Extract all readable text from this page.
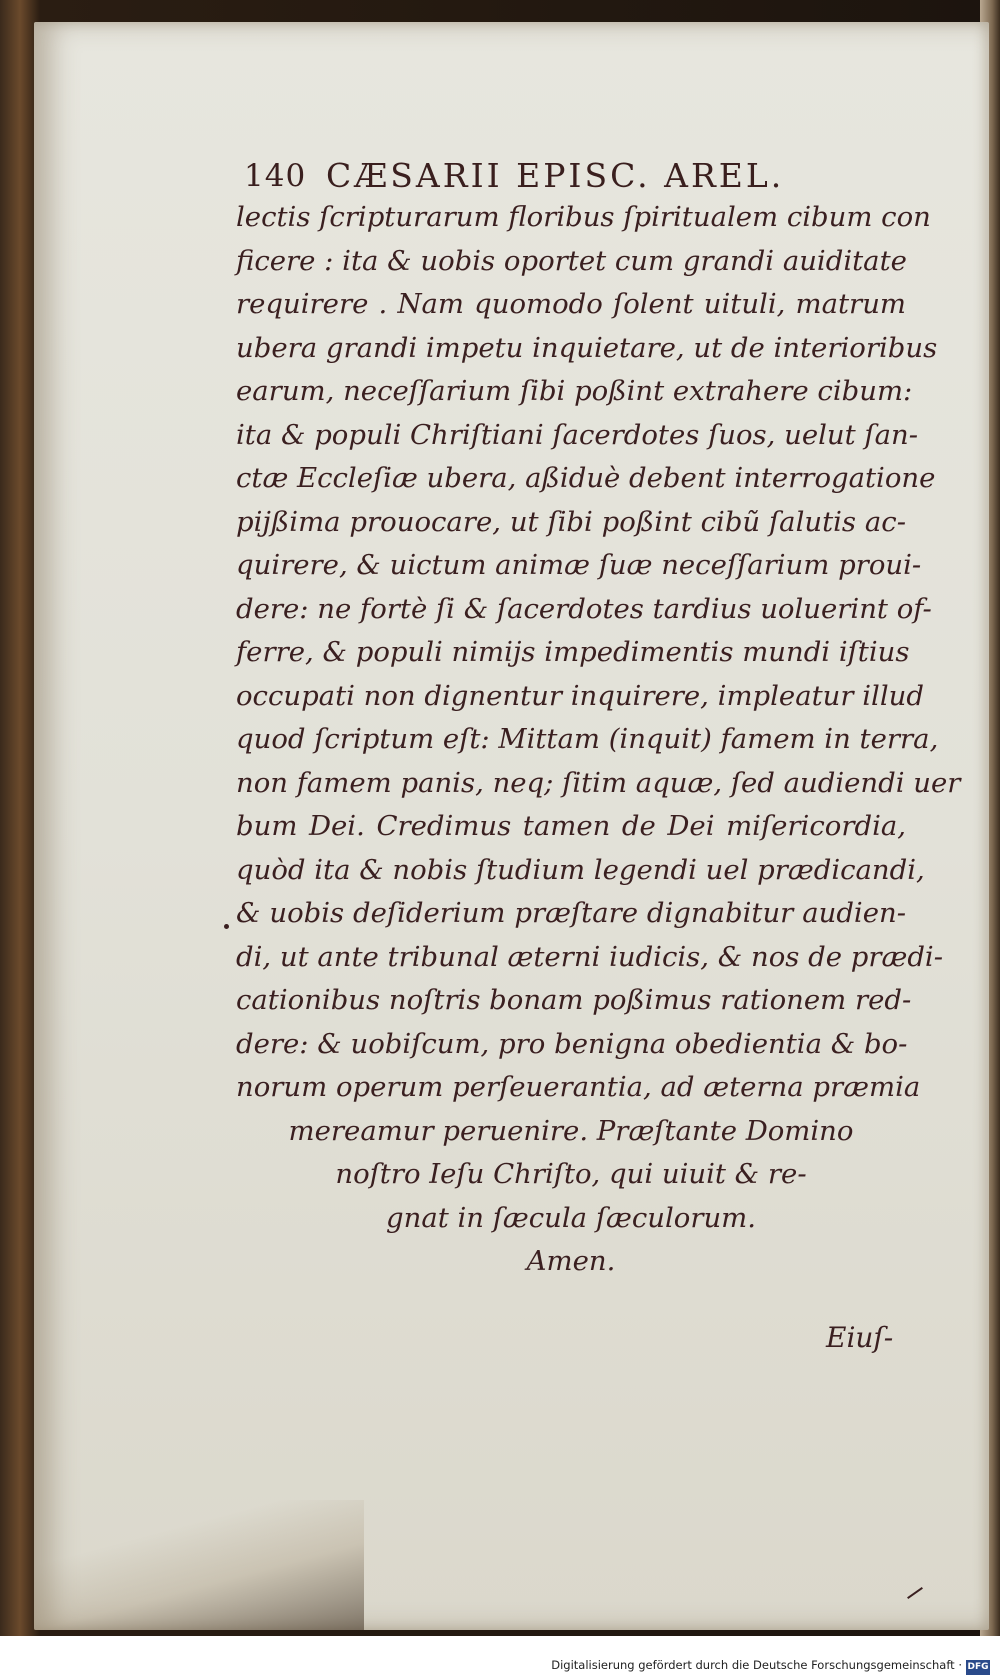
140 CÆSARII EPISC. AREL.
lectis ſcripturarum floribus ſpiritualem cibum con
ficere : ita & uobis oportet cum grandi auiditate
requirere . Nam quomodo ſolent uituli, matrum
ubera grandi impetu inquietare, ut de interioribus
earum, neceſſarium ſibi poßint extrahere cibum:
ita & populi Chriſtiani ſacerdotes ſuos, uelut ſan-
ctæ Eccleſiæ ubera, aßiduè debent interrogatione
pijßima prouocare, ut ſibi poßint cibũ ſalutis ac-
quirere, & uictum animæ ſuæ neceſſarium proui-
dere: ne fortè ſi & ſacerdotes tardius uoluerint of-
ferre, & populi nimijs impedimentis mundi iſtius
occupati non dignentur inquirere, impleatur illud
quod ſcriptum eſt: Mittam (inquit) famem in terra,
non famem panis, neq; ſitim aquæ, ſed audiendi uer
bum Dei. Credimus tamen de Dei miſericordia,
quòd ita & nobis ſtudium legendi uel prædicandi,
& uobis deſiderium præſtare dignabitur audien-
di, ut ante tribunal æterni iudicis, & nos de prædi-
cationibus noſtris bonam poßimus rationem red-
dere: & uobiſcum, pro benigna obedientia & bo-
norum operum perſeuerantia, ad æterna præmia
mereamur peruenire. Præſtante Domino
noſtro Ieſu Chriſto, qui uiuit & re-
gnat in ſæcula ſæculorum.
Amen.
Eiuſ-
Digitalisierung gefördert durch die Deutsche Forschungsgemeinschaft · DFG
